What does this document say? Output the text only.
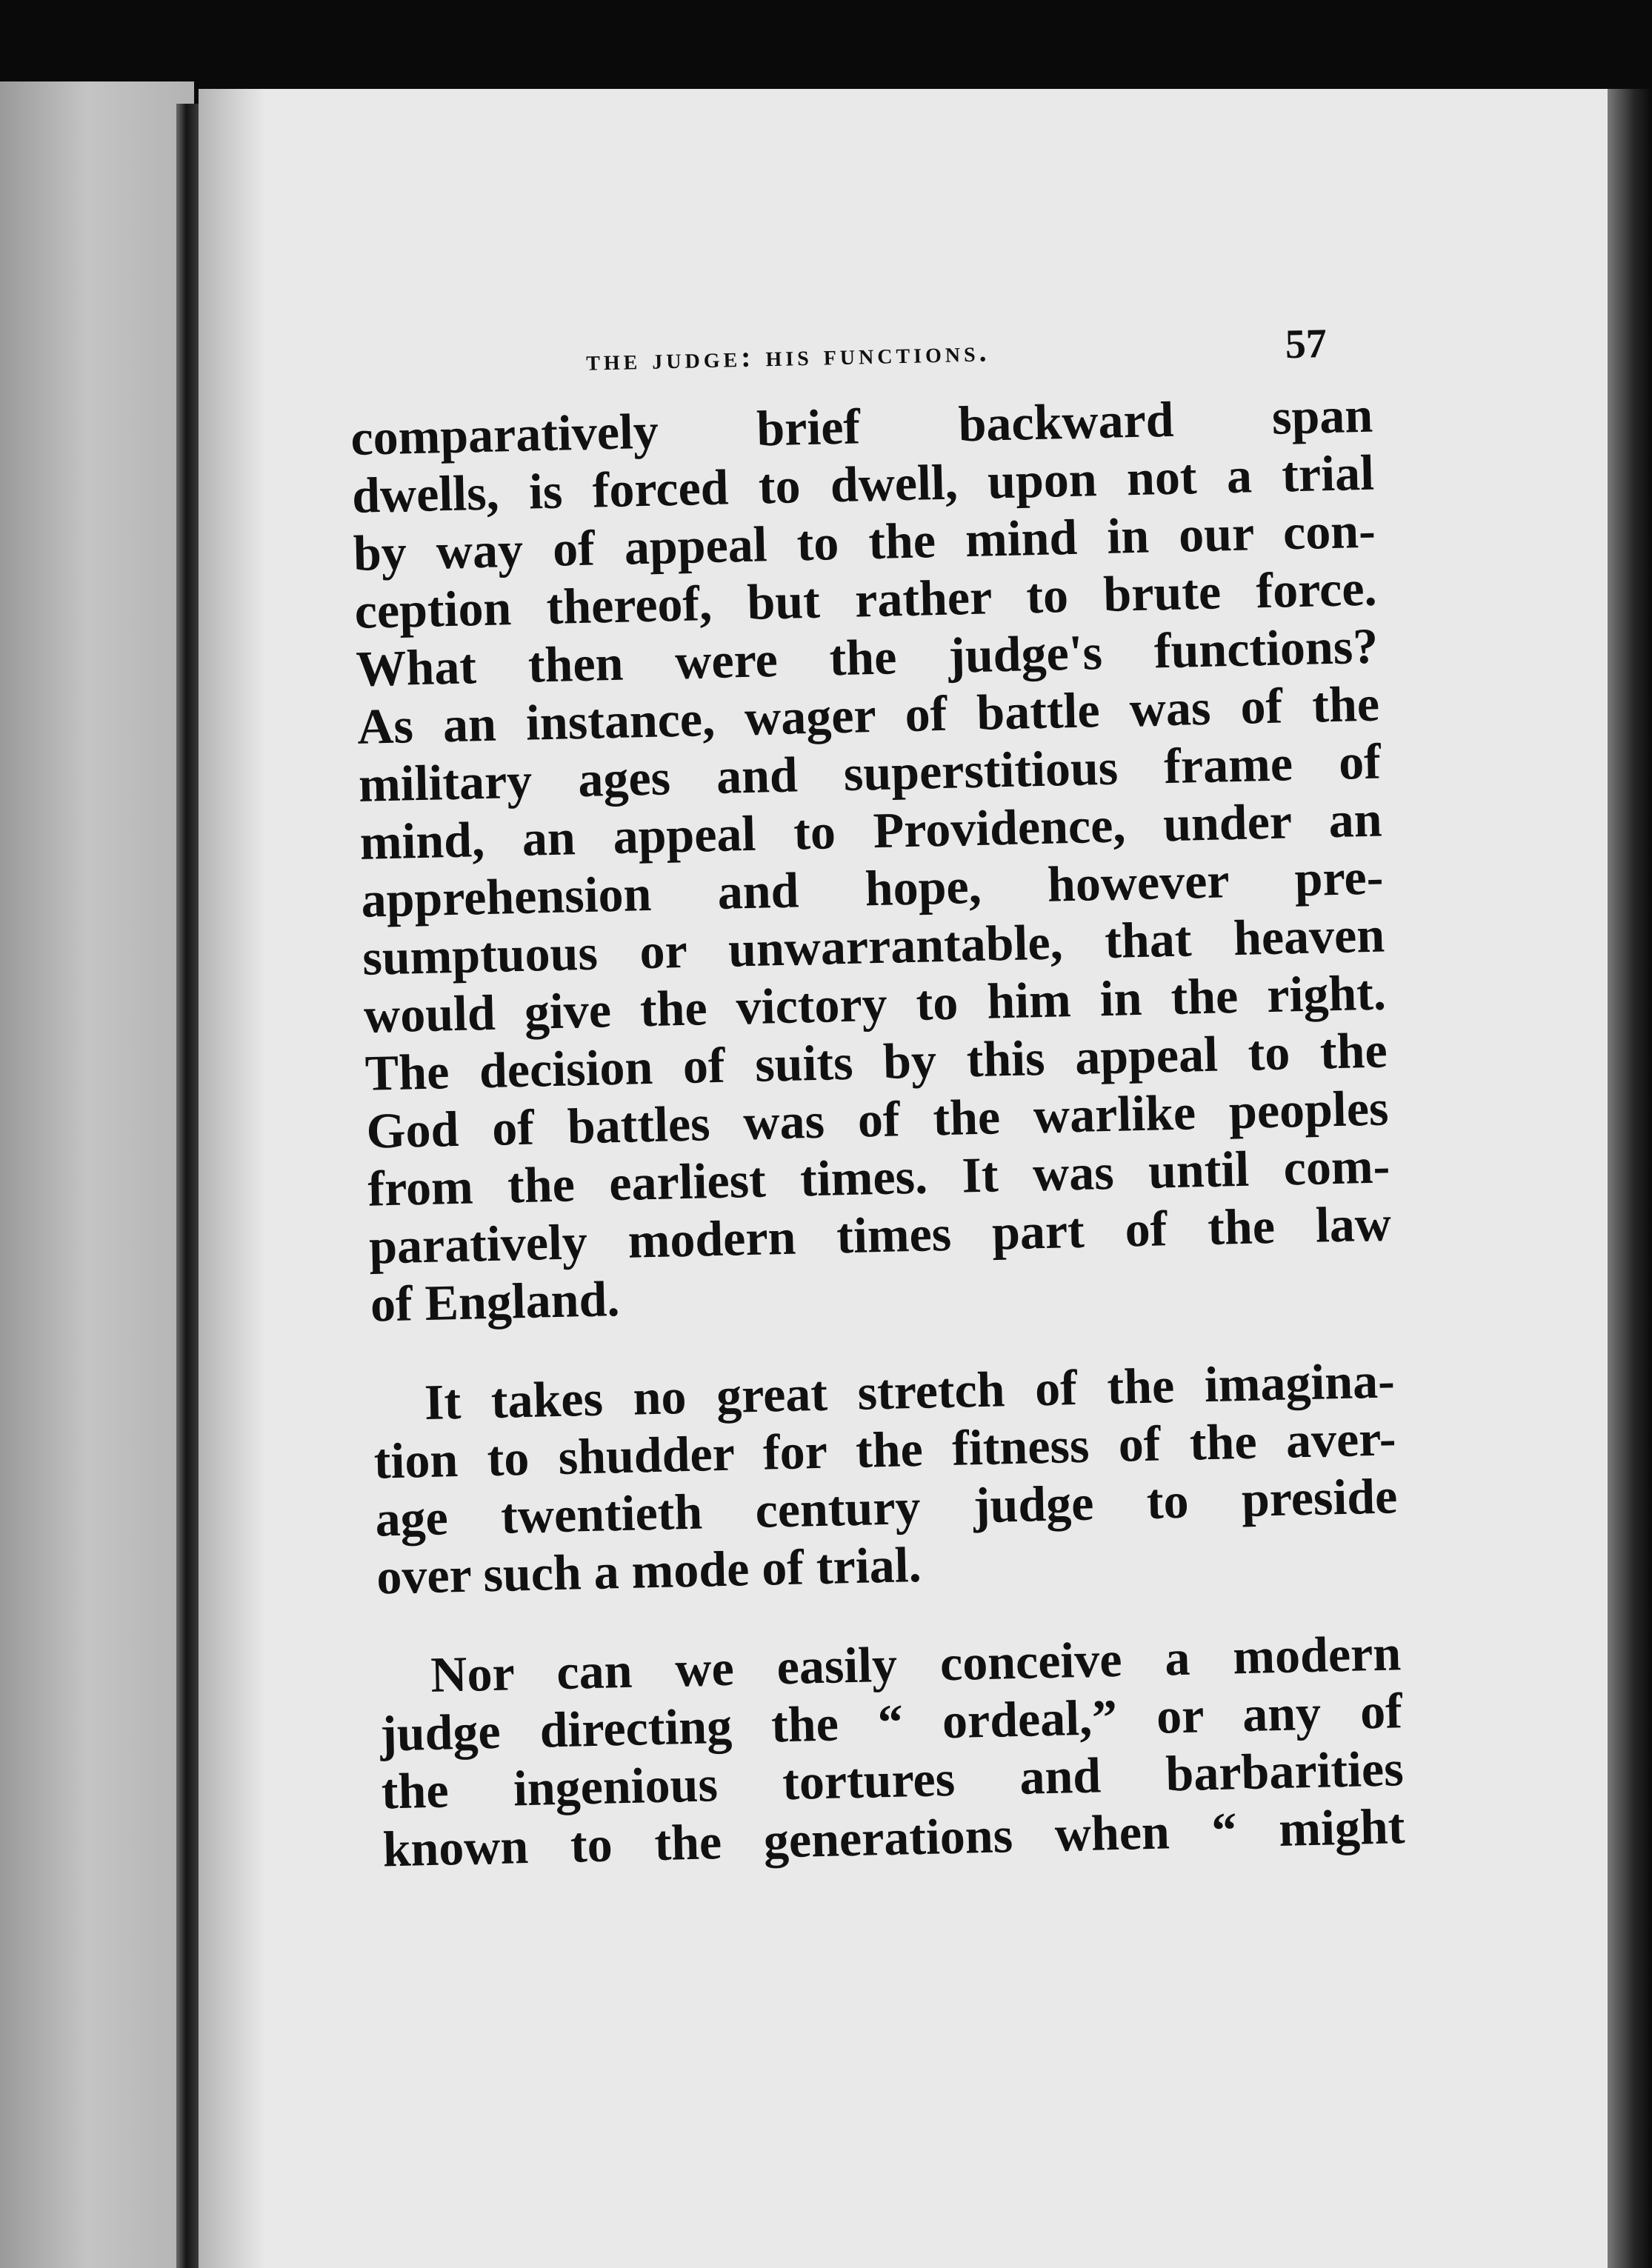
the judge: his functions.	57
comparatively brief backward span
dwells, is forced to dwell, upon not a trial
by way of appeal to the mind in our con-
ception thereof, but rather to brute force.
What then were the judge's functions?
As an instance, wager of battle was of the
military ages and superstitious frame of
mind, an appeal to Providence, under an
apprehension and hope, however pre-
sumptuous or unwarrantable, that heaven
would give the victory to him in the right.
The decision of suits by this appeal to the
God of battles was of the warlike peoples
from the earliest times. It was until com-
paratively modern times part of the law
of England.
It takes no great stretch of the imagina-
tion to shudder for the fitness of the aver-
age twentieth century judge to preside
over such a mode of trial.
Nor can we easily conceive a modern
judge directing the “ ordeal,” or any of
the ingenious tortures and barbarities
known to the generations when “ might
